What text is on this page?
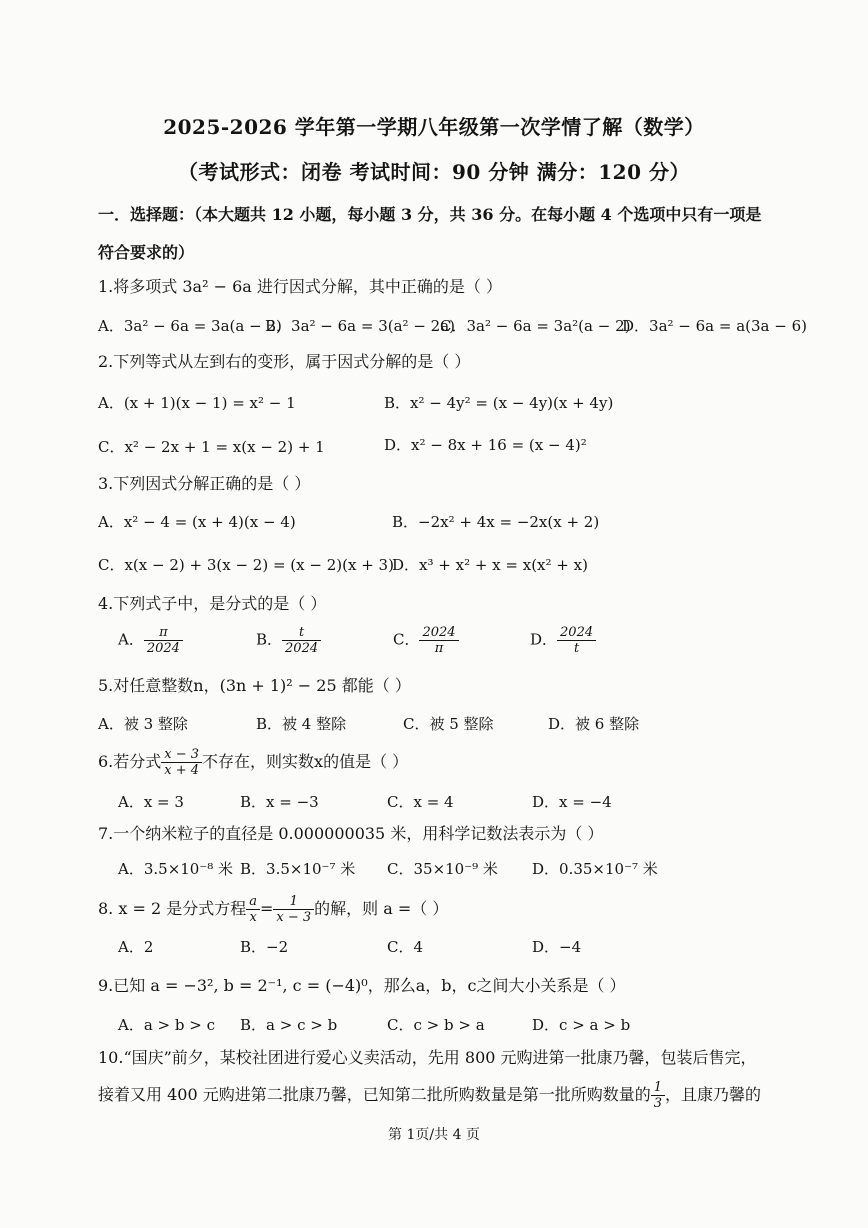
2025-2026 学年第一学期八年级第一次学情了解（数学）
（考试形式：闭卷 考试时间：90 分钟 满分：120 分）
一．选择题：（本大题共 12 小题，每小题 3 分，共 36 分。在每小题 4 个选项中只有一项是
符合要求的）
1.将多项式 3a² − 6a 进行因式分解，其中正确的是（ ）
A．3a² − 6a = 3a(a − 2)
B．3a² − 6a = 3(a² − 2a)
C．3a² − 6a = 3a²(a − 2)
D．3a² − 6a = a(3a − 6)
2.下列等式从左到右的变形，属于因式分解的是（ ）
A．(x + 1)(x − 1) = x² − 1	B．x² − 4y² = (x − 4y)(x + 4y)
C．x² − 2x + 1 = x(x − 2) + 1	D．x² − 8x + 16 = (x − 4)²
3.下列因式分解正确的是（ ）
A．x² − 4 = (x + 4)(x − 4)	B．−2x² + 4x = −2x(x + 2)
C．x(x − 2) + 3(x − 2) = (x − 2)(x + 3)
D．x³ + x² + x = x(x² + x)
4.下列式子中，是分式的是（ ）
A． $\frac{\pi}{2024}$	B． $\frac{t}{2024}$	C． $\frac{2024}{\pi}$	D． $\frac{2024}{t}$
5.对任意整数n，(3n + 1)² − 25 都能（ ）
A．被 3 整除	B．被 4 整除	C．被 5 整除	D．被 6 整除
6.若分式 $\frac{x - 3}{x + 4}$ 不存在，则实数x的值是（ ）
A．x = 3	B．x = −3	C．x = 4	D．x = −4
7.一个纳米粒子的直径是 0.000000035 米，用科学记数法表示为（ ）
A．3.5×10⁻⁸ 米 B．3.5×10⁻⁷ 米 C．35×10⁻⁹ 米 D．0.35×10⁻⁷ 米
8. x = 2 是分式方程 $\frac{a}{x} = \frac{1}{x - 3}$ 的解，则 a =（ ）
A．2	B．−2	C．4	D．−4
9.已知 a = −3², b = 2⁻¹, c = (−4)⁰，那么a，b，c之间大小关系是（ ）
A．a > b > c B．a > c > b	C．c > b > a	D．c > a > b
10.“国庆”前夕，某校社团进行爱心义卖活动，先用 800 元购进第一批康乃馨，包装后售完，
接着又用 400 元购进第二批康乃馨，已知第二批所购数量是第一批所购数量的 $\frac{1}{3}$ ，且康乃馨的
第 1页/共 4 页
